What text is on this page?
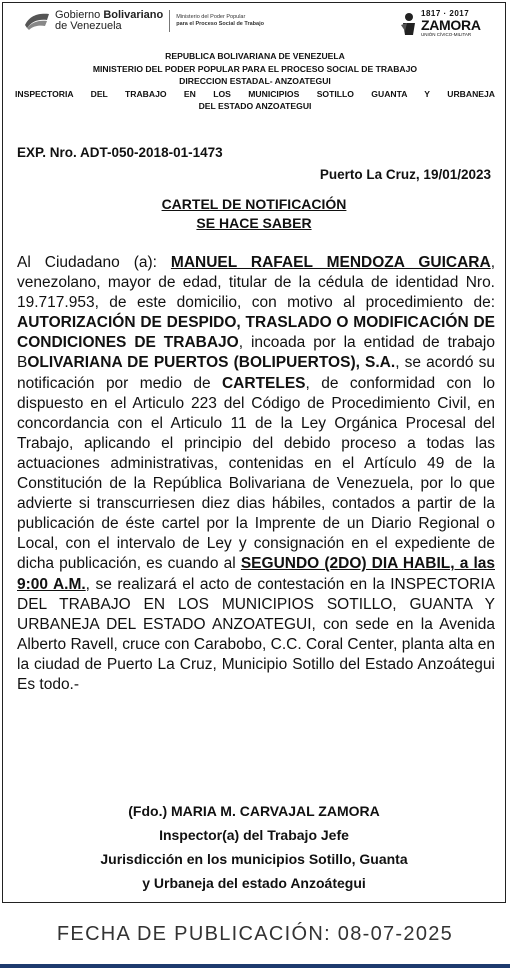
Gobierno Bolivariano
de Venezuela
Ministerio del Poder Popular
para el Proceso Social de Trabajo
1817 · 2017
ZAMORA
UNIÓN CÍVICO-MILITAR
REPUBLICA BOLIVARIANA DE VENEZUELA
MINISTERIO DEL PODER POPULAR PARA EL PROCESO SOCIAL DE TRABAJO
DIRECCION ESTADAL- ANZOATEGUI
INSPECTORIA DEL TRABAJO EN LOS MUNICIPIOS SOTILLO GUANTA Y URBANEJA
DEL ESTADO ANZOATEGUI
EXP. Nro. ADT-050-2018-01-1473
Puerto La Cruz, 19/01/2023
CARTEL DE NOTIFICACIÓN
SE HACE SABER
Al Ciudadano (a): MANUEL RAFAEL MENDOZA GUICARA, venezolano, mayor de edad, titular de la cédula de identidad Nro. 19.717.953, de este domicilio, con motivo al procedimiento de: AUTORIZACIÓN DE DESPIDO, TRASLADO O MODIFICACIÓN DE CONDICIONES DE TRABAJO, incoada por la entidad de trabajo BOLIVARIANA DE PUERTOS (BOLIPUERTOS), S.A., se acordó su notificación por medio de CARTELES, de conformidad con lo dispuesto en el Articulo 223 del Código de Procedimiento Civil, en concordancia con el Articulo 11 de la Ley Orgánica Procesal del Trabajo, aplicando el principio del debido proceso a todas las actuaciones administrativas, contenidas en el Artículo 49 de la Constitución de la República Bolivariana de Venezuela, por lo que advierte si transcurriesen diez dias hábiles, contados a partir de la publicación de éste cartel por la Imprente de un Diario Regional o Local, con el intervalo de Ley y consignación en el expediente de dicha publicación, es cuando al SEGUNDO (2DO) DIA HABIL, a las 9:00 A.M., se realizará el acto de contestación en la INSPECTORIA DEL TRABAJO EN LOS MUNICIPIOS SOTILLO, GUANTA Y URBANEJA DEL ESTADO ANZOATEGUI, con sede en la Avenida Alberto Ravell, cruce con Carabobo, C.C. Coral Center, planta alta en la ciudad de Puerto La Cruz, Municipio Sotillo del Estado Anzoátegui Es todo.-
(Fdo.) MARIA M. CARVAJAL ZAMORA
Inspector(a) del Trabajo Jefe
Jurisdicción en los municipios Sotillo, Guanta
y Urbaneja del estado Anzoátegui
FECHA DE PUBLICACIÓN: 08-07-2025
